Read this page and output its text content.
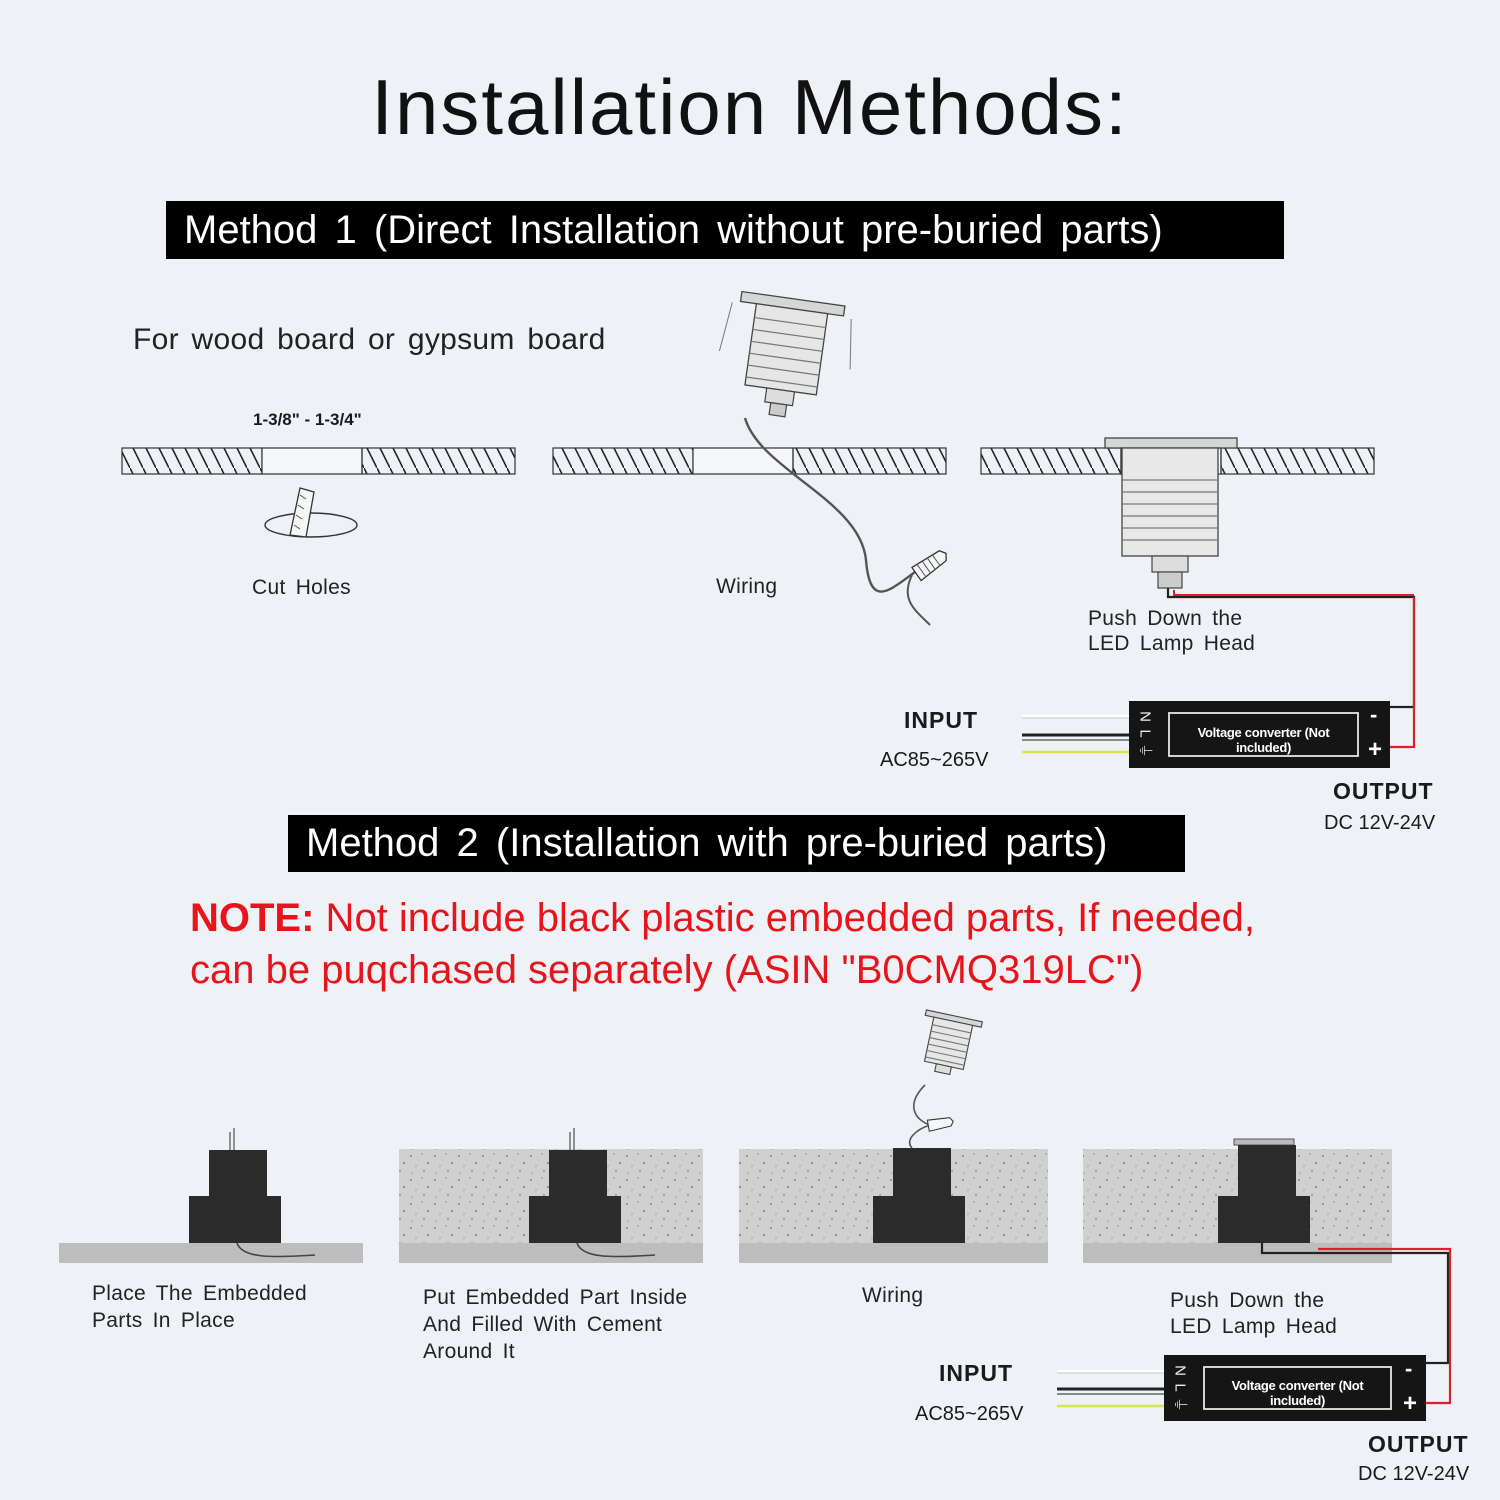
Installation Methods:
Method 1 (Direct Installation without pre-buried parts)
For wood board or gypsum board
1-3/8" - 1-3/4"
Cut Holes	Wiring
Push Down the
LED Lamp Head
INPUT
AC85~265V
OUTPUT
DC 12V-24V
Voltage converter (Not included)
N
L
⏚
-
+
Method 2 (Installation with pre-buried parts)
NOTE: Not include black plastic embedded parts, If needed,
can be puqchased separately (ASIN "B0CMQ319LC")
Place The Embedded
Parts In Place
Put Embedded Part Inside
And Filled With Cement
Around It
Wiring	Push Down the
LED Lamp Head
INPUT
AC85~265V
OUTPUT
DC 12V-24V
Voltage converter (Not included)
N
L
⏚
-
+
